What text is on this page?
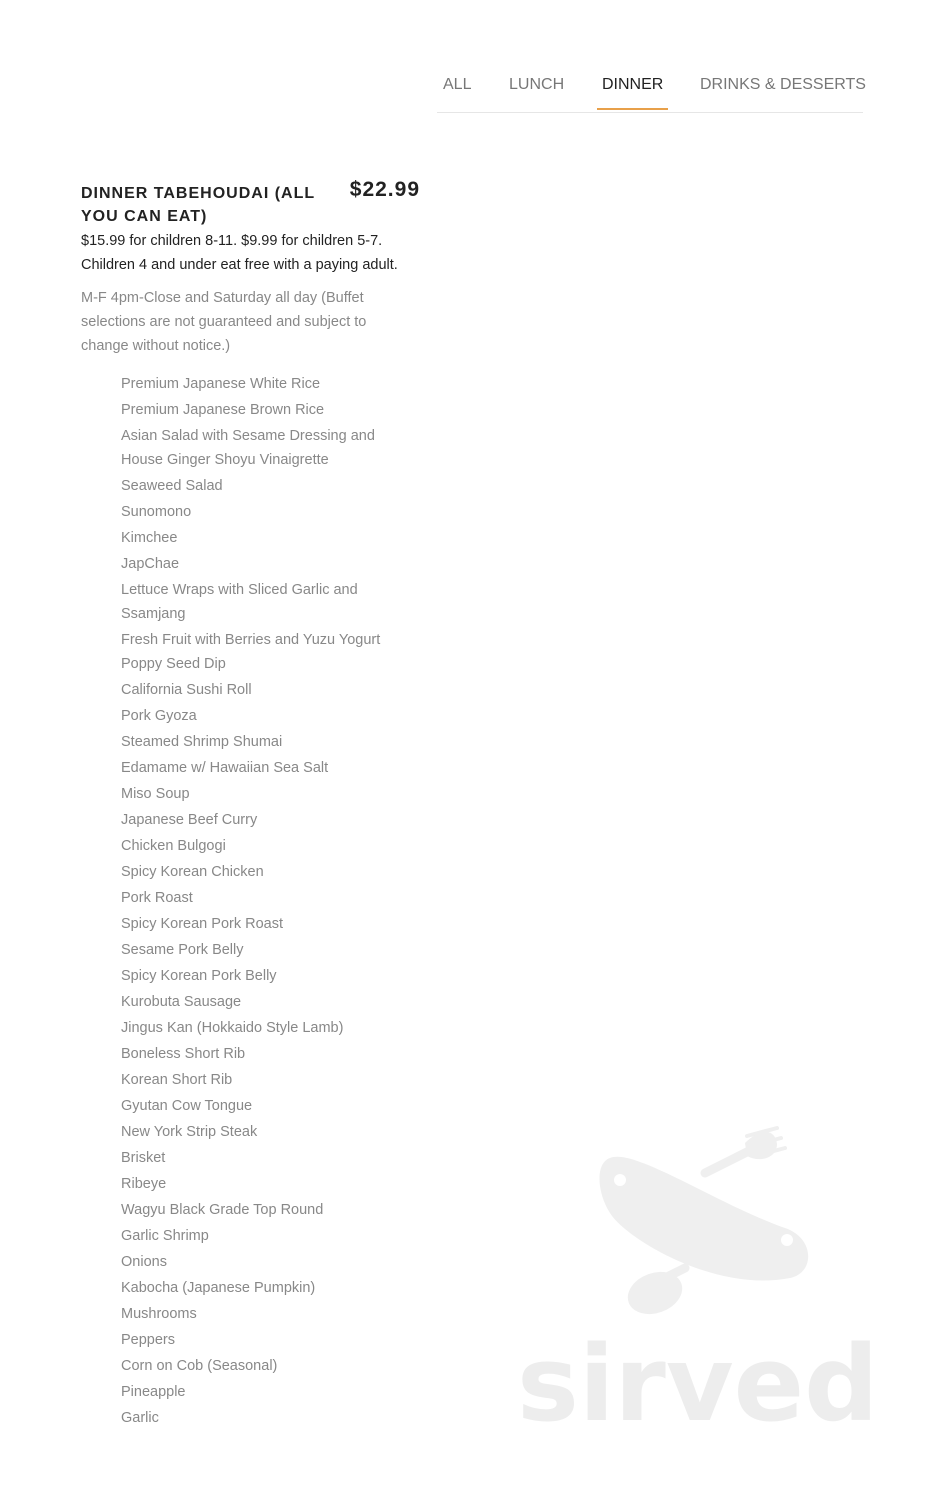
ALL LUNCH	DINNER	DRINKS & DESSERTS
DINNER TABEHOUDAI (ALL YOU CAN EAT)
$22.99
$15.99 for children 8-11. $9.99 for children 5-7. Children 4 and under eat free with a paying adult.
M-F 4pm-Close and Saturday all day (Buffet selections are not guaranteed and subject to change without notice.)
Premium Japanese White Rice
Premium Japanese Brown Rice
Asian Salad with Sesame Dressing and House Ginger Shoyu Vinaigrette
Seaweed Salad
Sunomono
Kimchee
JapChae
Lettuce Wraps with Sliced Garlic and Ssamjang
Fresh Fruit with Berries and Yuzu Yogurt Poppy Seed Dip
California Sushi Roll
Pork Gyoza
Steamed Shrimp Shumai
Edamame w/ Hawaiian Sea Salt
Miso Soup
Japanese Beef Curry
Chicken Bulgogi
Spicy Korean Chicken
Pork Roast
Spicy Korean Pork Roast
Sesame Pork Belly
Spicy Korean Pork Belly
Kurobuta Sausage
Jingus Kan (Hokkaido Style Lamb)
Boneless Short Rib
Korean Short Rib
Gyutan Cow Tongue
New York Strip Steak
Brisket
Ribeye
Wagyu Black Grade Top Round
Garlic Shrimp
Onions
Kabocha (Japanese Pumpkin)
Mushrooms
Peppers
Corn on Cob (Seasonal)
Pineapple
Garlic	sirved
